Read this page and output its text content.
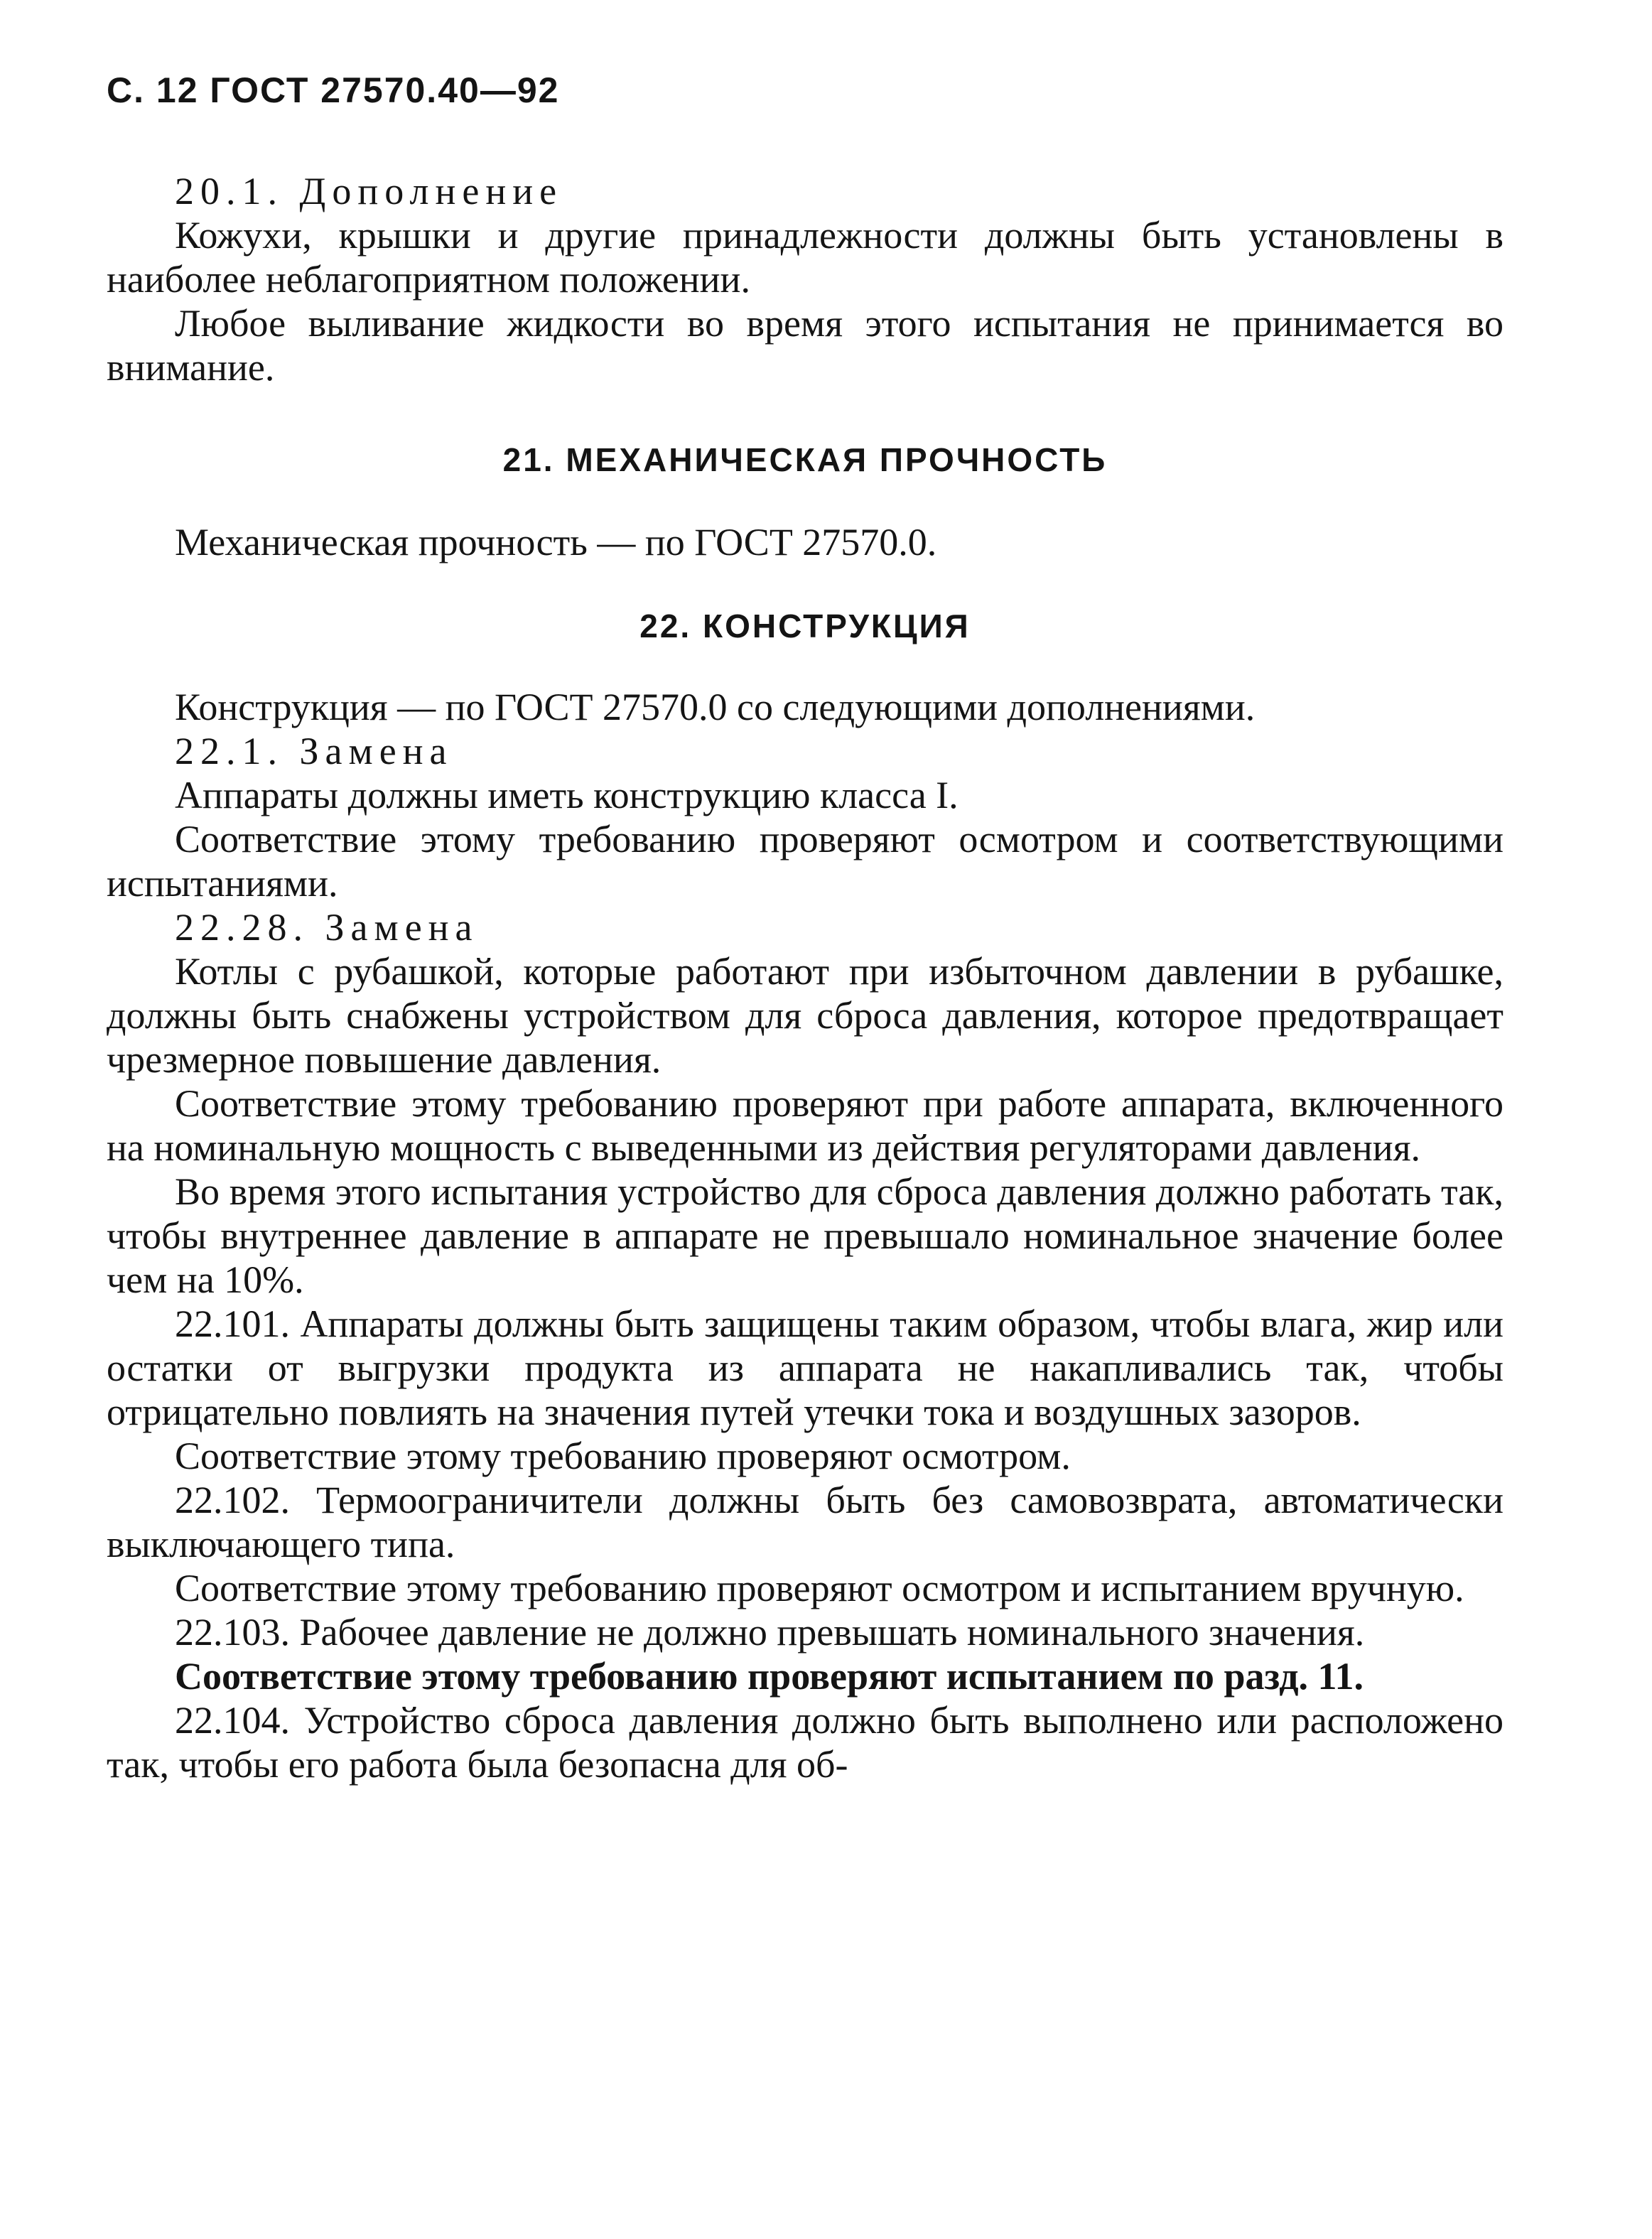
С. 12 ГОСТ 27570.40—92

20.1. Дополнение

Кожухи, крышки и другие принадлежности должны быть установлены в наиболее неблагоприятном положении.

Любое выливание жидкости во время этого испытания не принимается во внимание.

21. МЕХАНИЧЕСКАЯ ПРОЧНОСТЬ

Механическая прочность — по ГОСТ 27570.0.

22. КОНСТРУКЦИЯ

Конструкция — по ГОСТ 27570.0 со следующими дополнениями.

22.1. Замена

Аппараты должны иметь конструкцию класса I.

Соответствие этому требованию проверяют осмотром и соответствующими испытаниями.

22.28. Замена

Котлы с рубашкой, которые работают при избыточном давлении в рубашке, должны быть снабжены устройством для сброса давления, которое предотвращает чрезмерное повышение давления.

Соответствие этому требованию проверяют при работе аппарата, включенного на номинальную мощность с выведенными из действия регуляторами давления.

Во время этого испытания устройство для сброса давления должно работать так, чтобы внутреннее давление в аппарате не превышало номинальное значение более чем на 10%.

22.101. Аппараты должны быть защищены таким образом, чтобы влага, жир или остатки от выгрузки продукта из аппарата не накапливались так, чтобы отрицательно повлиять на значения путей утечки тока и воздушных зазоров.

Соответствие этому требованию проверяют осмотром.

22.102. Термоограничители должны быть без самовозврата, автоматически выключающего типа.

Соответствие этому требованию проверяют осмотром и испытанием вручную.

22.103. Рабочее давление не должно превышать номинального значения.

Соответствие этому требованию проверяют испытанием по разд. 11.

22.104. Устройство сброса давления должно быть выполнено или расположено так, чтобы его работа была безопасна для об-
